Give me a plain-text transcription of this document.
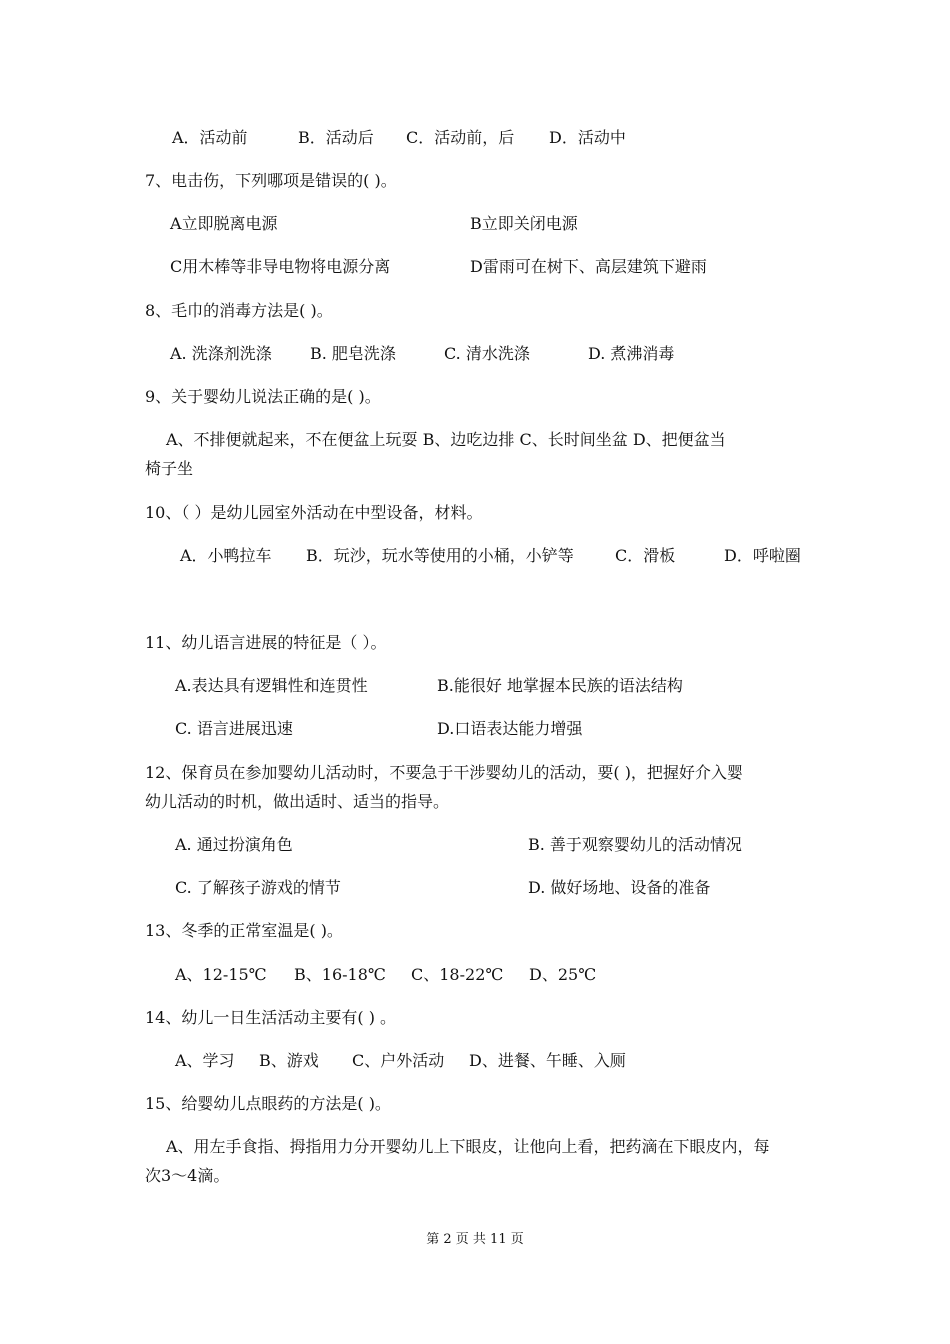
A．活动前	B．活动后 C．活动前，后 D．活动中
7、电击伤，下列哪项是错误的( )。
A立即脱离电源	B立即关闭电源
C用木棒等非导电物将电源分离	D雷雨可在树下、高层建筑下避雨
8、毛巾的消毒方法是( )。
A. 洗涤剂洗涤 B. 肥皂洗涤	C. 清水洗涤	D. 煮沸消毒
9、关于婴幼儿说法正确的是( )。
A、不排便就起来，不在便盆上玩耍 B、边吃边排 C、长时间坐盆 D、把便盆当
椅子坐
10、（ ）是幼儿园室外活动在中型设备，材料。
A．小鸭拉车 B．玩沙，玩水等使用的小桶，小铲等	C．滑板	D．呼啦圈
11、幼儿语言进展的特征是（ ）。
A.表达具有逻辑性和连贯性	B.能很好 地掌握本民族的语法结构
C. 语言进展迅速	D.口语表达能力增强
12、保育员在参加婴幼儿活动时，不要急于干涉婴幼儿的活动，要( )，把握好介入婴
幼儿活动的时机，做出适时、适当的指导。
A. 通过扮演角色	B. 善于观察婴幼儿的活动情况
C. 了解孩子游戏的情节	D. 做好场地、设备的准备
13、冬季的正常室温是( )。
A、12-15℃ B、16-18℃ C、18-22℃ D、25℃
14、幼儿一日生活活动主要有( ) 。
A、学习 B、游戏 C、户外活动 D、进餐、午睡、入厕
15、给婴幼儿点眼药的方法是( )。
A、用左手食指、拇指用力分开婴幼儿上下眼皮，让他向上看，把药滴在下眼皮内，每
次3～4滴。
第 2 页 共 11 页
